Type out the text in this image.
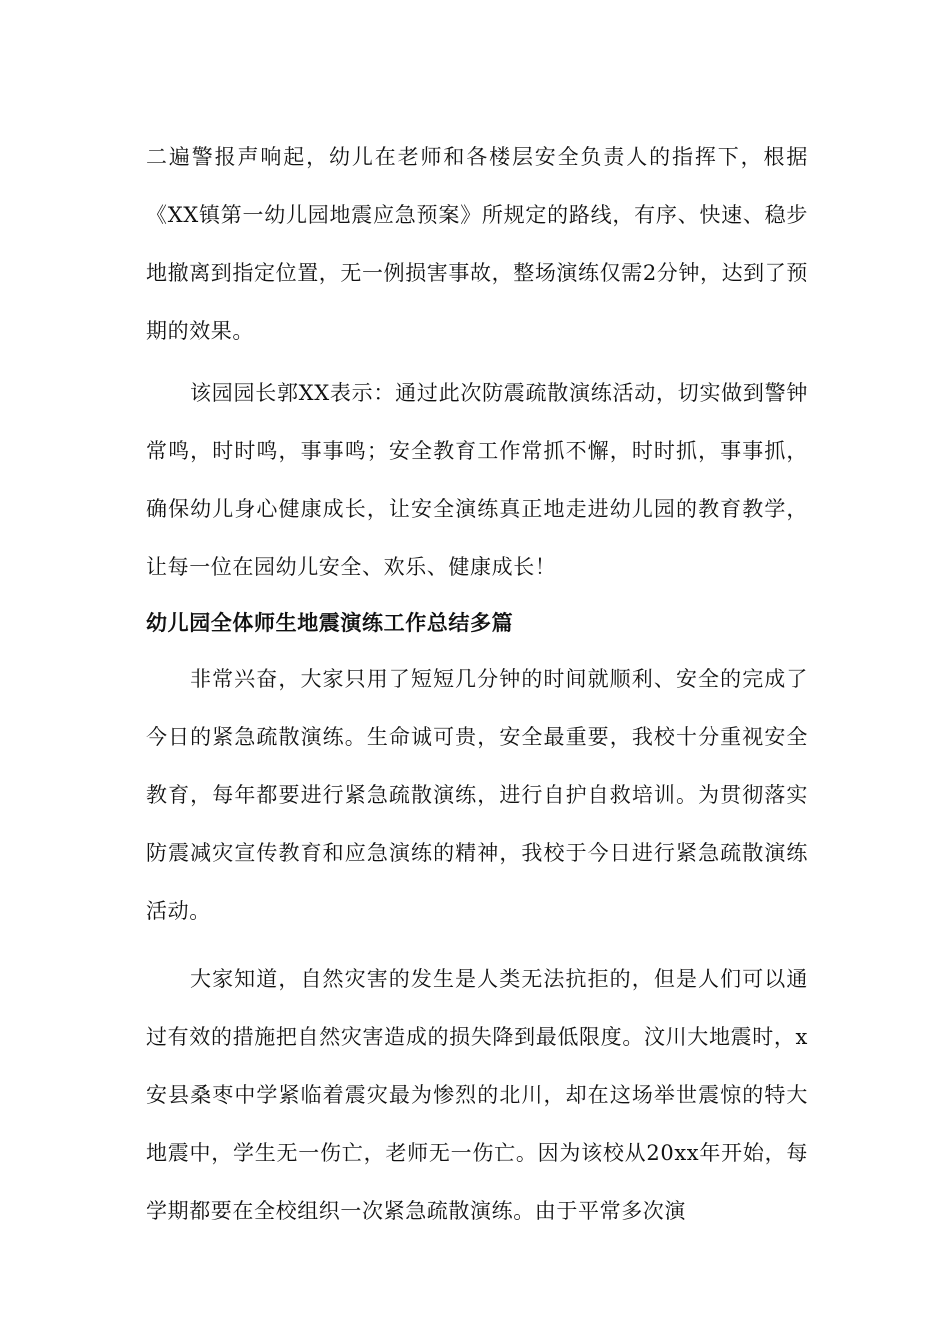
二遍警报声响起，幼儿在老师和各楼层安全负责人的指挥下，根据《XX镇第一幼儿园地震应急预案》所规定的路线，有序、快速、稳步地撤离到指定位置，无一例损害事故，整场演练仅需2分钟，达到了预期的效果。

该园园长郭XX表示：通过此次防震疏散演练活动，切实做到警钟常鸣，时时鸣，事事鸣；安全教育工作常抓不懈，时时抓，事事抓，确保幼儿身心健康成长，让安全演练真正地走进幼儿园的教育教学，让每一位在园幼儿安全、欢乐、健康成长！

幼儿园全体师生地震演练工作总结多篇

非常兴奋，大家只用了短短几分钟的时间就顺利、安全的完成了今日的紧急疏散演练。生命诚可贵，安全最重要，我校十分重视安全教育，每年都要进行紧急疏散演练，进行自护自救培训。为贯彻落实防震减灾宣传教育和应急演练的精神，我校于今日进行紧急疏散演练活动。

大家知道，自然灾害的发生是人类无法抗拒的，但是人们可以通过有效的措施把自然灾害造成的损失降到最低限度。汶川大地震时，x安县桑枣中学紧临着震灾最为惨烈的北川，却在这场举世震惊的特大地震中，学生无一伤亡，老师无一伤亡。因为该校从20xx年开始，每学期都要在全校组织一次紧急疏散演练。由于平常多次演
